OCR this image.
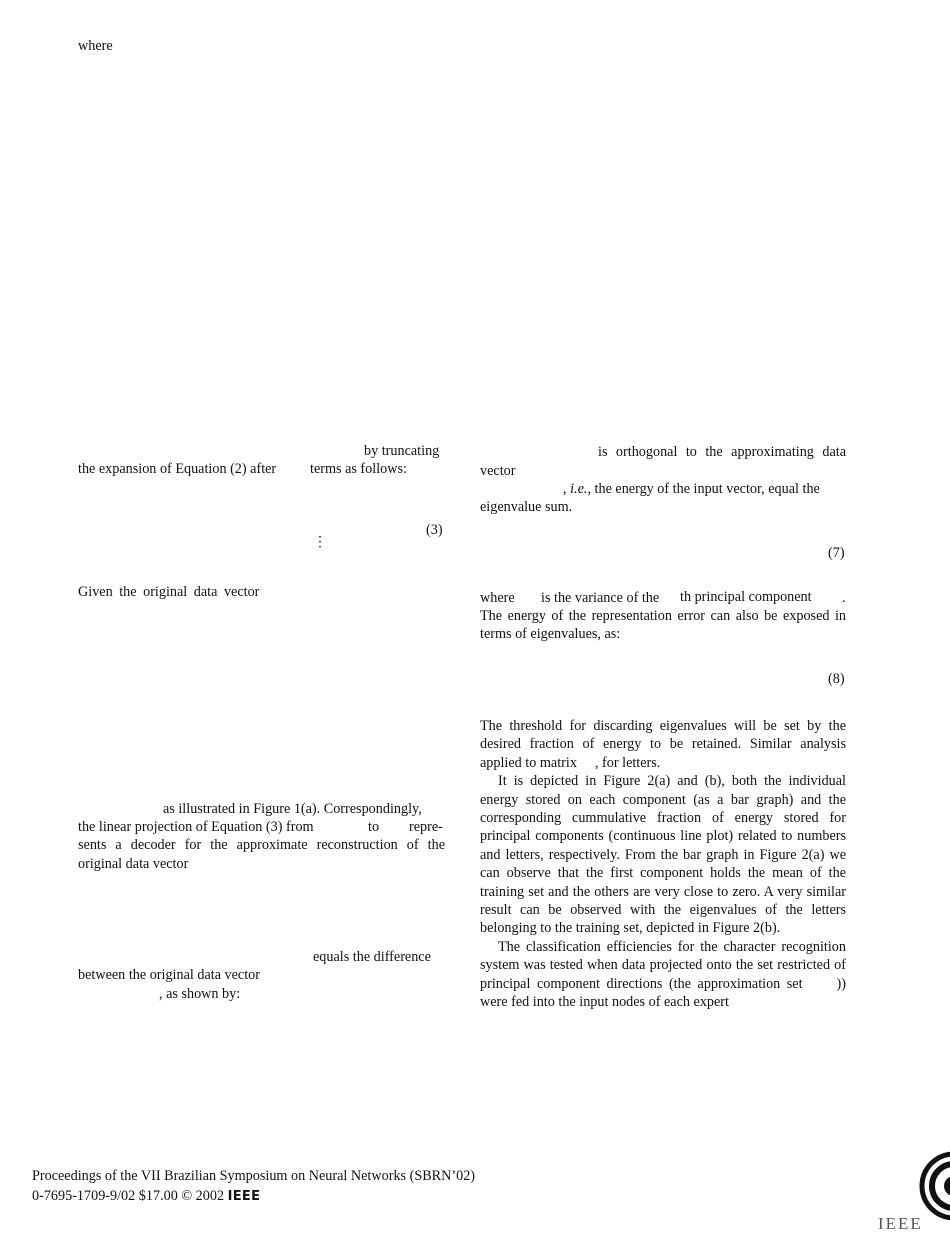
where
by truncating
the expansion of Equation (2) after terms as follows:
(3)
⋮
Given the original data vector
as illustrated in Figure 1(a). Correspondingly,
the linear projection of Equation (3) from	to repre-
sents a decoder for the approximate reconstruction of the
original data vector
equals the difference
between the original data vector
, as shown by:
is orthogonal to the approximating data
vector
, i.e., the energy of the input vector, equal the
eigenvalue sum.
(7)
where is the variance of the th principal component .
The energy of the representation error can also be exposed in terms of eigenvalues, as:
(8)

The threshold for discarding eigenvalues will be set by the desired fraction of energy to be retained. Similar analysis applied to matrix , for letters.

It is depicted in Figure 2(a) and (b), both the individual energy stored on each component (as a bar graph) and the corresponding cummulative fraction of energy stored for principal components (continuous line plot) related to numbers and letters, respectively. From the bar graph in Figure 2(a) we can observe that the first component holds the mean of the training set and the others are very close to zero. A very similar result can be observed with the eigenvalues of the letters belonging to the training set, depicted in Figure 2(b).

The classification efficiencies for the character recognition system was tested when data projected onto the set restricted of principal component directions (the approximation set )) were fed into the input nodes of each expert

Proceedings of the VII Brazilian Symposium on Neural Networks (SBRN’02)
0-7695-1709-9/02 $17.00 © 2002 IEEE
IEEE
